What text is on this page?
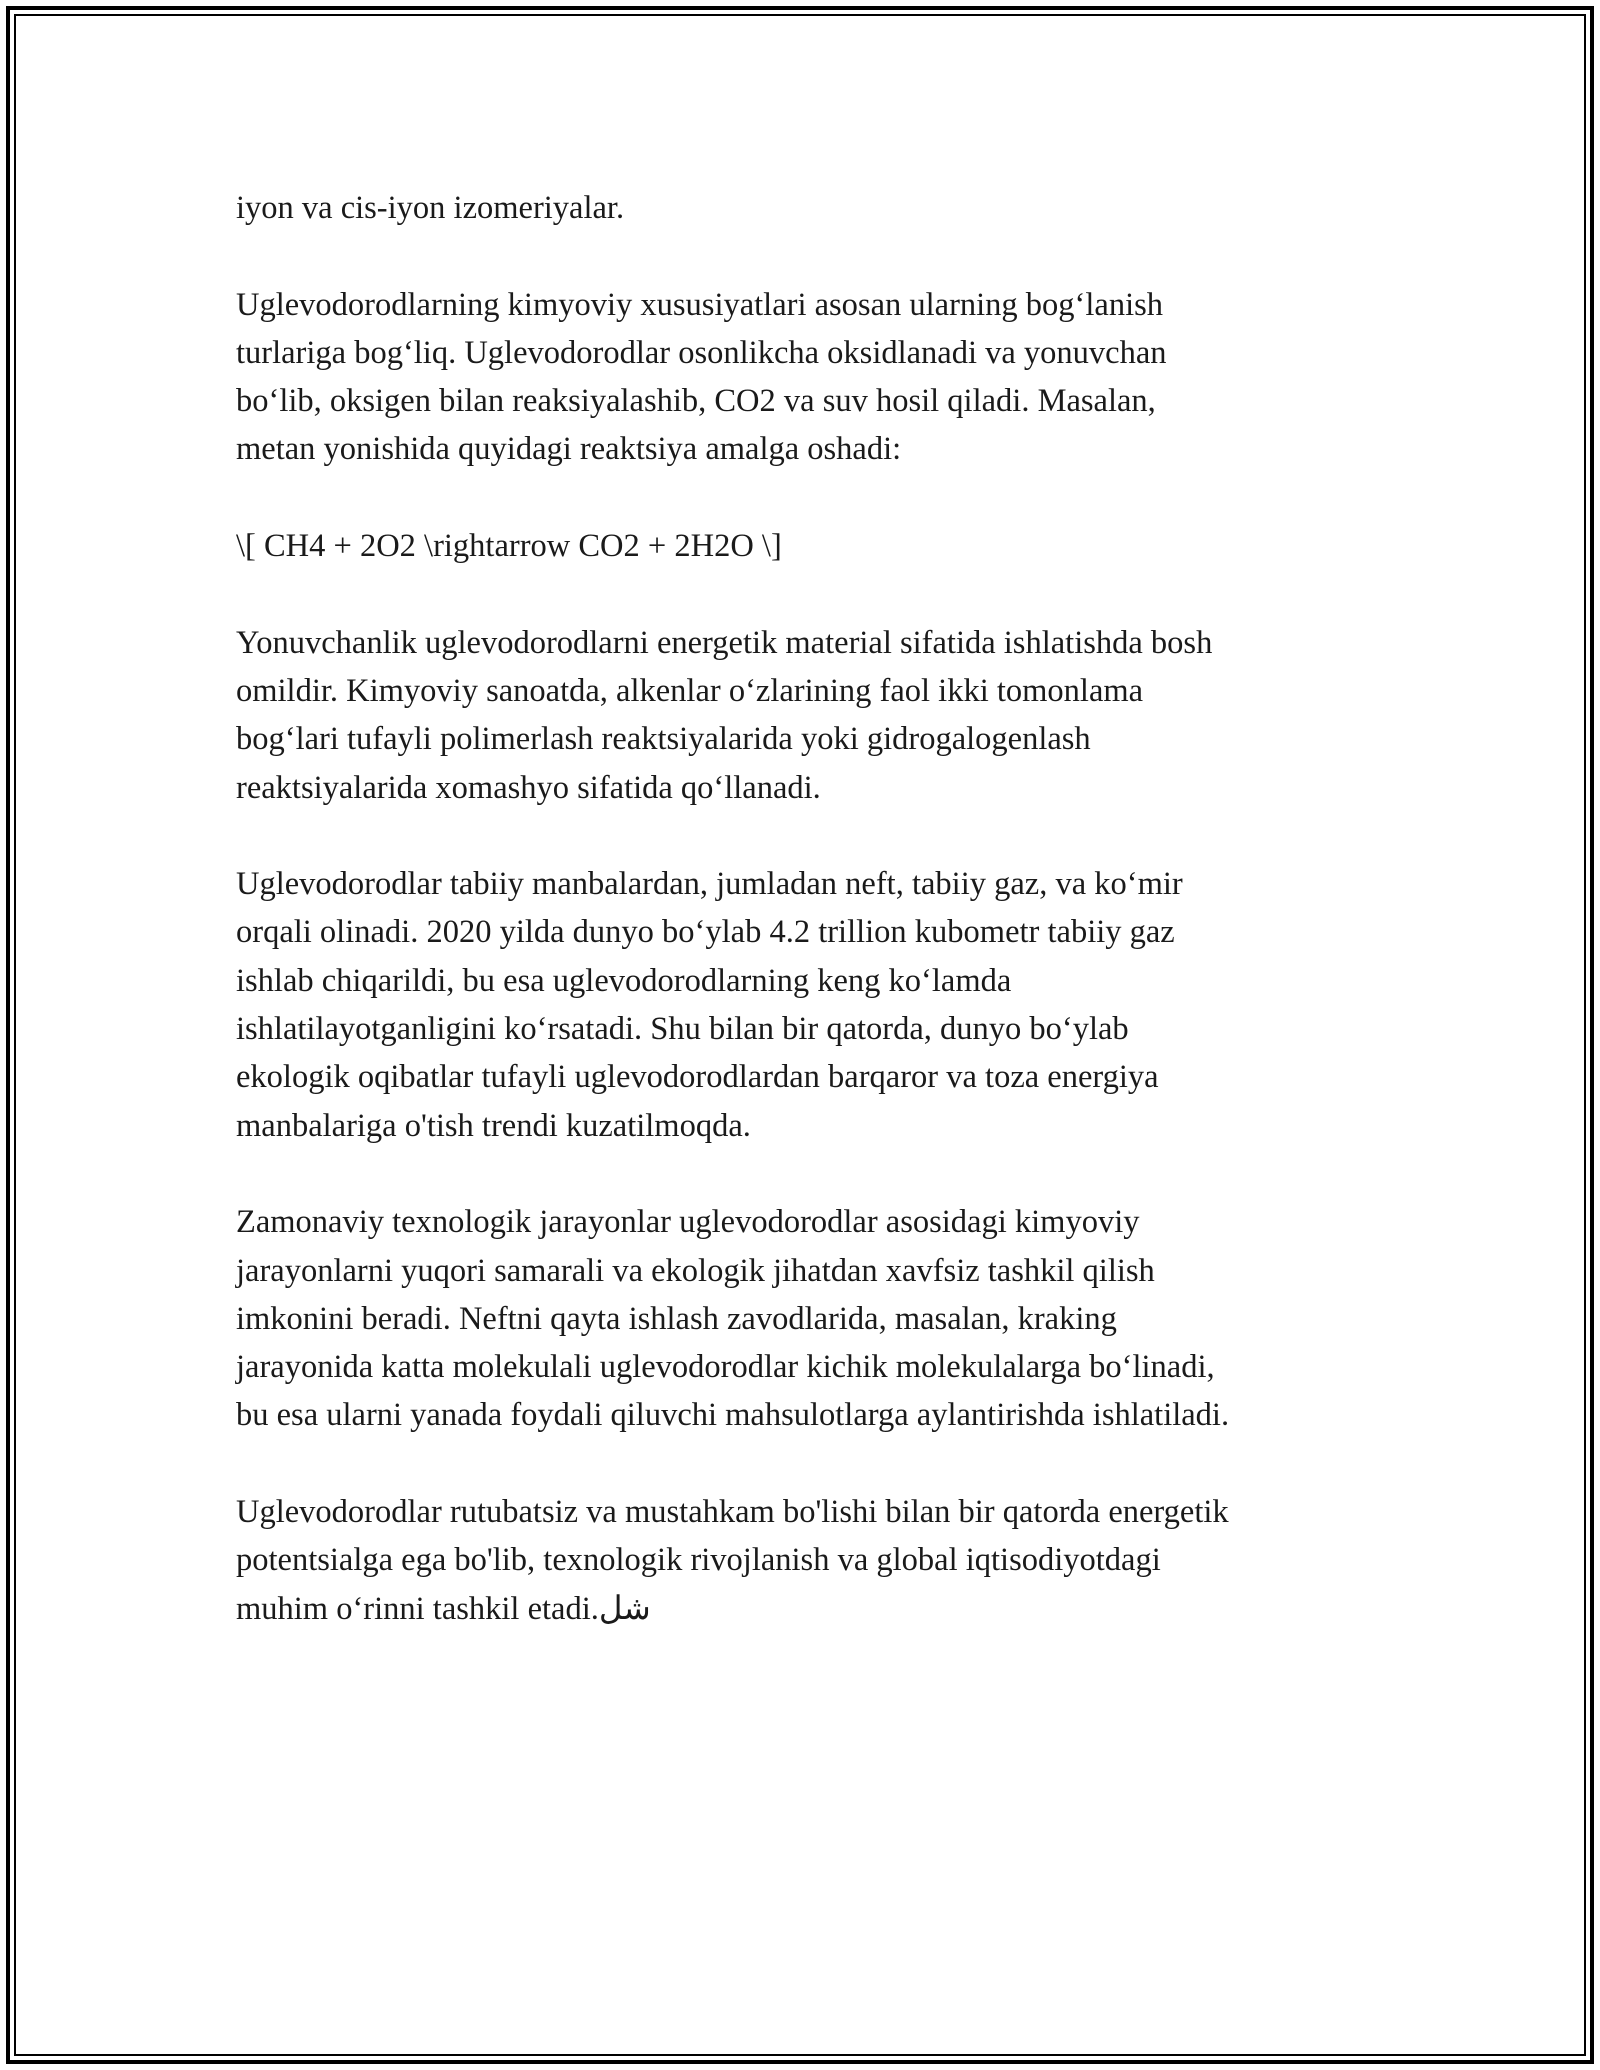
iyon va cis-iyon izomeriyalar.

Uglevodorodlarning kimyoviy xususiyatlari asosan ularning bog‘lanish
turlariga bog‘liq. Uglevodorodlar osonlikcha oksidlanadi va yonuvchan
bo‘lib, oksigen bilan reaksiyalashib, CO2 va suv hosil qiladi. Masalan,
metan yonishida quyidagi reaktsiya amalga oshadi:

\[ CH4 + 2O2 \rightarrow CO2 + 2H2O \]

Yonuvchanlik uglevodorodlarni energetik material sifatida ishlatishda bosh
omildir. Kimyoviy sanoatda, alkenlar o‘zlarining faol ikki tomonlama
bog‘lari tufayli polimerlash reaktsiyalarida yoki gidrogalogenlash
reaktsiyalarida xomashyo sifatida qo‘llanadi.

Uglevodorodlar tabiiy manbalardan, jumladan neft, tabiiy gaz, va ko‘mir
orqali olinadi. 2020 yilda dunyo bo‘ylab 4.2 trillion kubometr tabiiy gaz
ishlab chiqarildi, bu esa uglevodorodlarning keng ko‘lamda
ishlatilayotganligini ko‘rsatadi. Shu bilan bir qatorda, dunyo bo‘ylab
ekologik oqibatlar tufayli uglevodorodlardan barqaror va toza energiya
manbalariga o'tish trendi kuzatilmoqda.

Zamonaviy texnologik jarayonlar uglevodorodlar asosidagi kimyoviy
jarayonlarni yuqori samarali va ekologik jihatdan xavfsiz tashkil qilish
imkonini beradi. Neftni qayta ishlash zavodlarida, masalan, kraking
jarayonida katta molekulali uglevodorodlar kichik molekulalarga bo‘linadi,
bu esa ularni yanada foydali qiluvchi mahsulotlarga aylantirishda ishlatiladi.

Uglevodorodlar rutubatsiz va mustahkam bo'lishi bilan bir qatorda energetik
potentsialga ega bo'lib, texnologik rivojlanish va global iqtisodiyotdagi
muhim o‘rinni tashkil etadi.شل
